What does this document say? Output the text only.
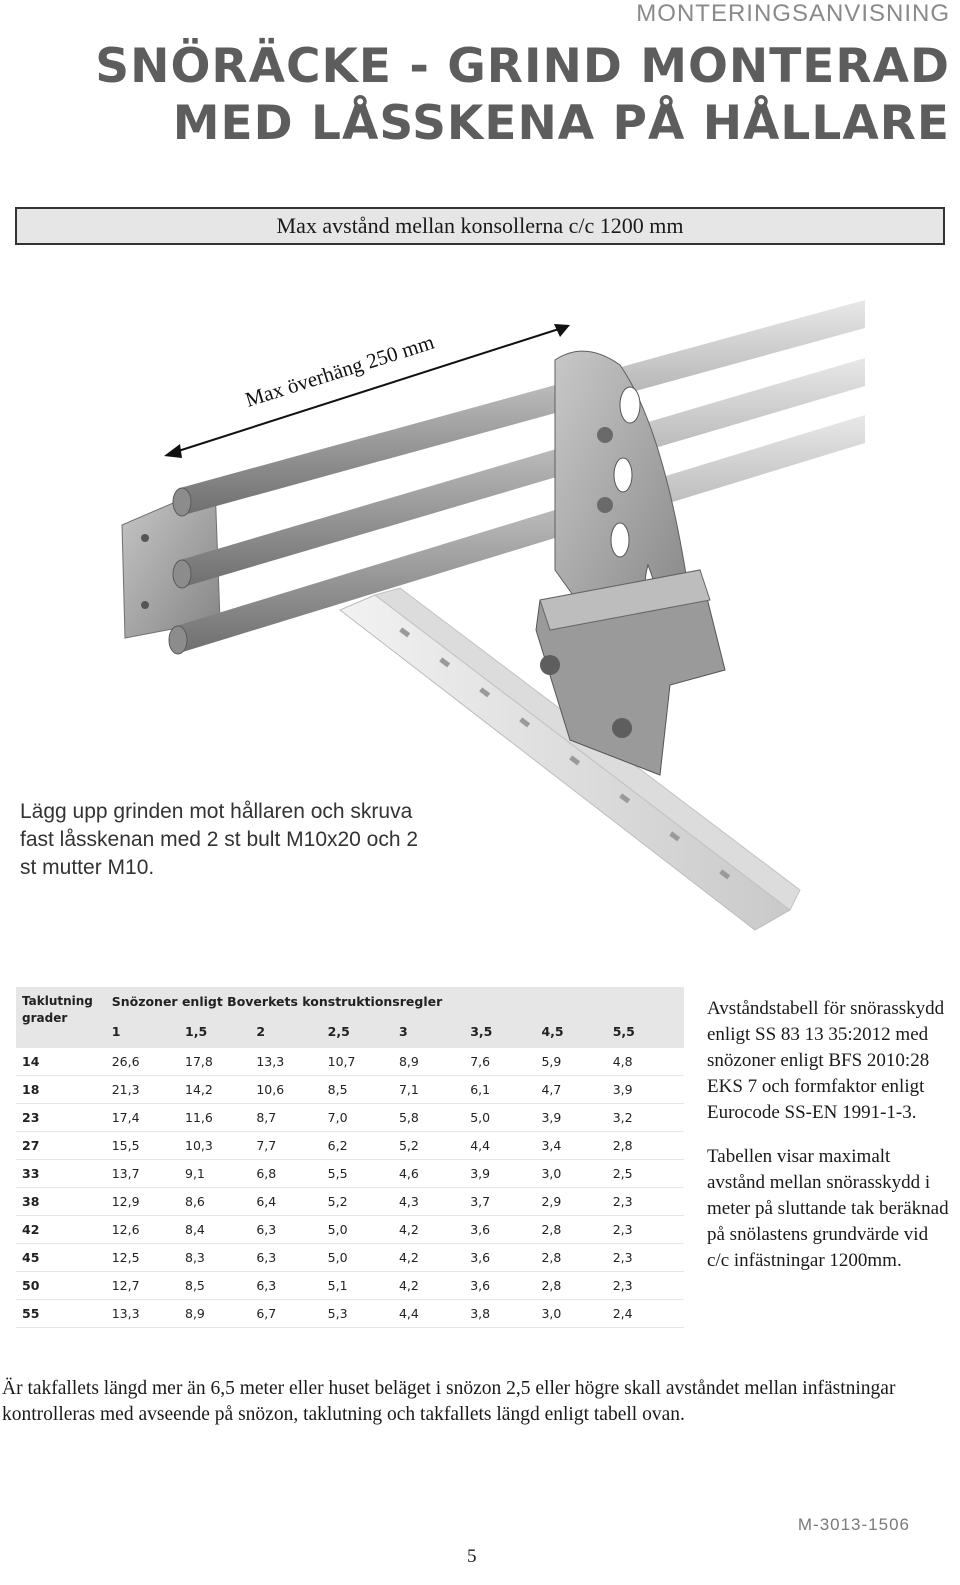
MONTERINGSANVISNING
SNÖRÄCKE - GRIND MONTERAD MED LÅSSKENA PÅ HÅLLARE
Max avstånd mellan konsollerna c/c 1200 mm
Max överhäng 250 mm
Lägg upp grinden mot hållaren och skruva fast låsskenan med 2 st bult M10x20 och 2 st mutter M10.
Taklutning grader	Snözoner enligt Boverkets konstruktionsregler							
	1	1,5	2	2,5	3	3,5	4,5	5,5
14	26,6	17,8	13,3	10,7	8,9	7,6	5,9	4,8
18	21,3	14,2	10,6	8,5	7,1	6,1	4,7	3,9
23	17,4	11,6	8,7	7,0	5,8	5,0	3,9	3,2
27	15,5	10,3	7,7	6,2	5,2	4,4	3,4	2,8
33	13,7	9,1	6,8	5,5	4,6	3,9	3,0	2,5
38	12,9	8,6	6,4	5,2	4,3	3,7	2,9	2,3
42	12,6	8,4	6,3	5,0	4,2	3,6	2,8	2,3
45	12,5	8,3	6,3	5,0	4,2	3,6	2,8	2,3
50	12,7	8,5	6,3	5,1	4,2	3,6	2,8	2,3
55	13,3	8,9	6,7	5,3	4,4	3,8	3,0	2,4

Avståndstabell för snörasskydd enligt SS 83 13 35:2012 med snözoner enligt BFS 2010:28 EKS 7 och formfaktor enligt Eurocode SS-EN 1991-1-3.

Tabellen visar maximalt avstånd mellan snörasskydd i meter på sluttande tak beräknad på snölastens grundvärde vid c/c infästningar 1200mm.

Är takfallets längd mer än 6,5 meter eller huset beläget i snözon 2,5 eller högre skall avståndet mellan infästningar kontrolleras med avseende på snözon, taklutning och takfallets längd enligt tabell ovan.
M-3013-1506
5
